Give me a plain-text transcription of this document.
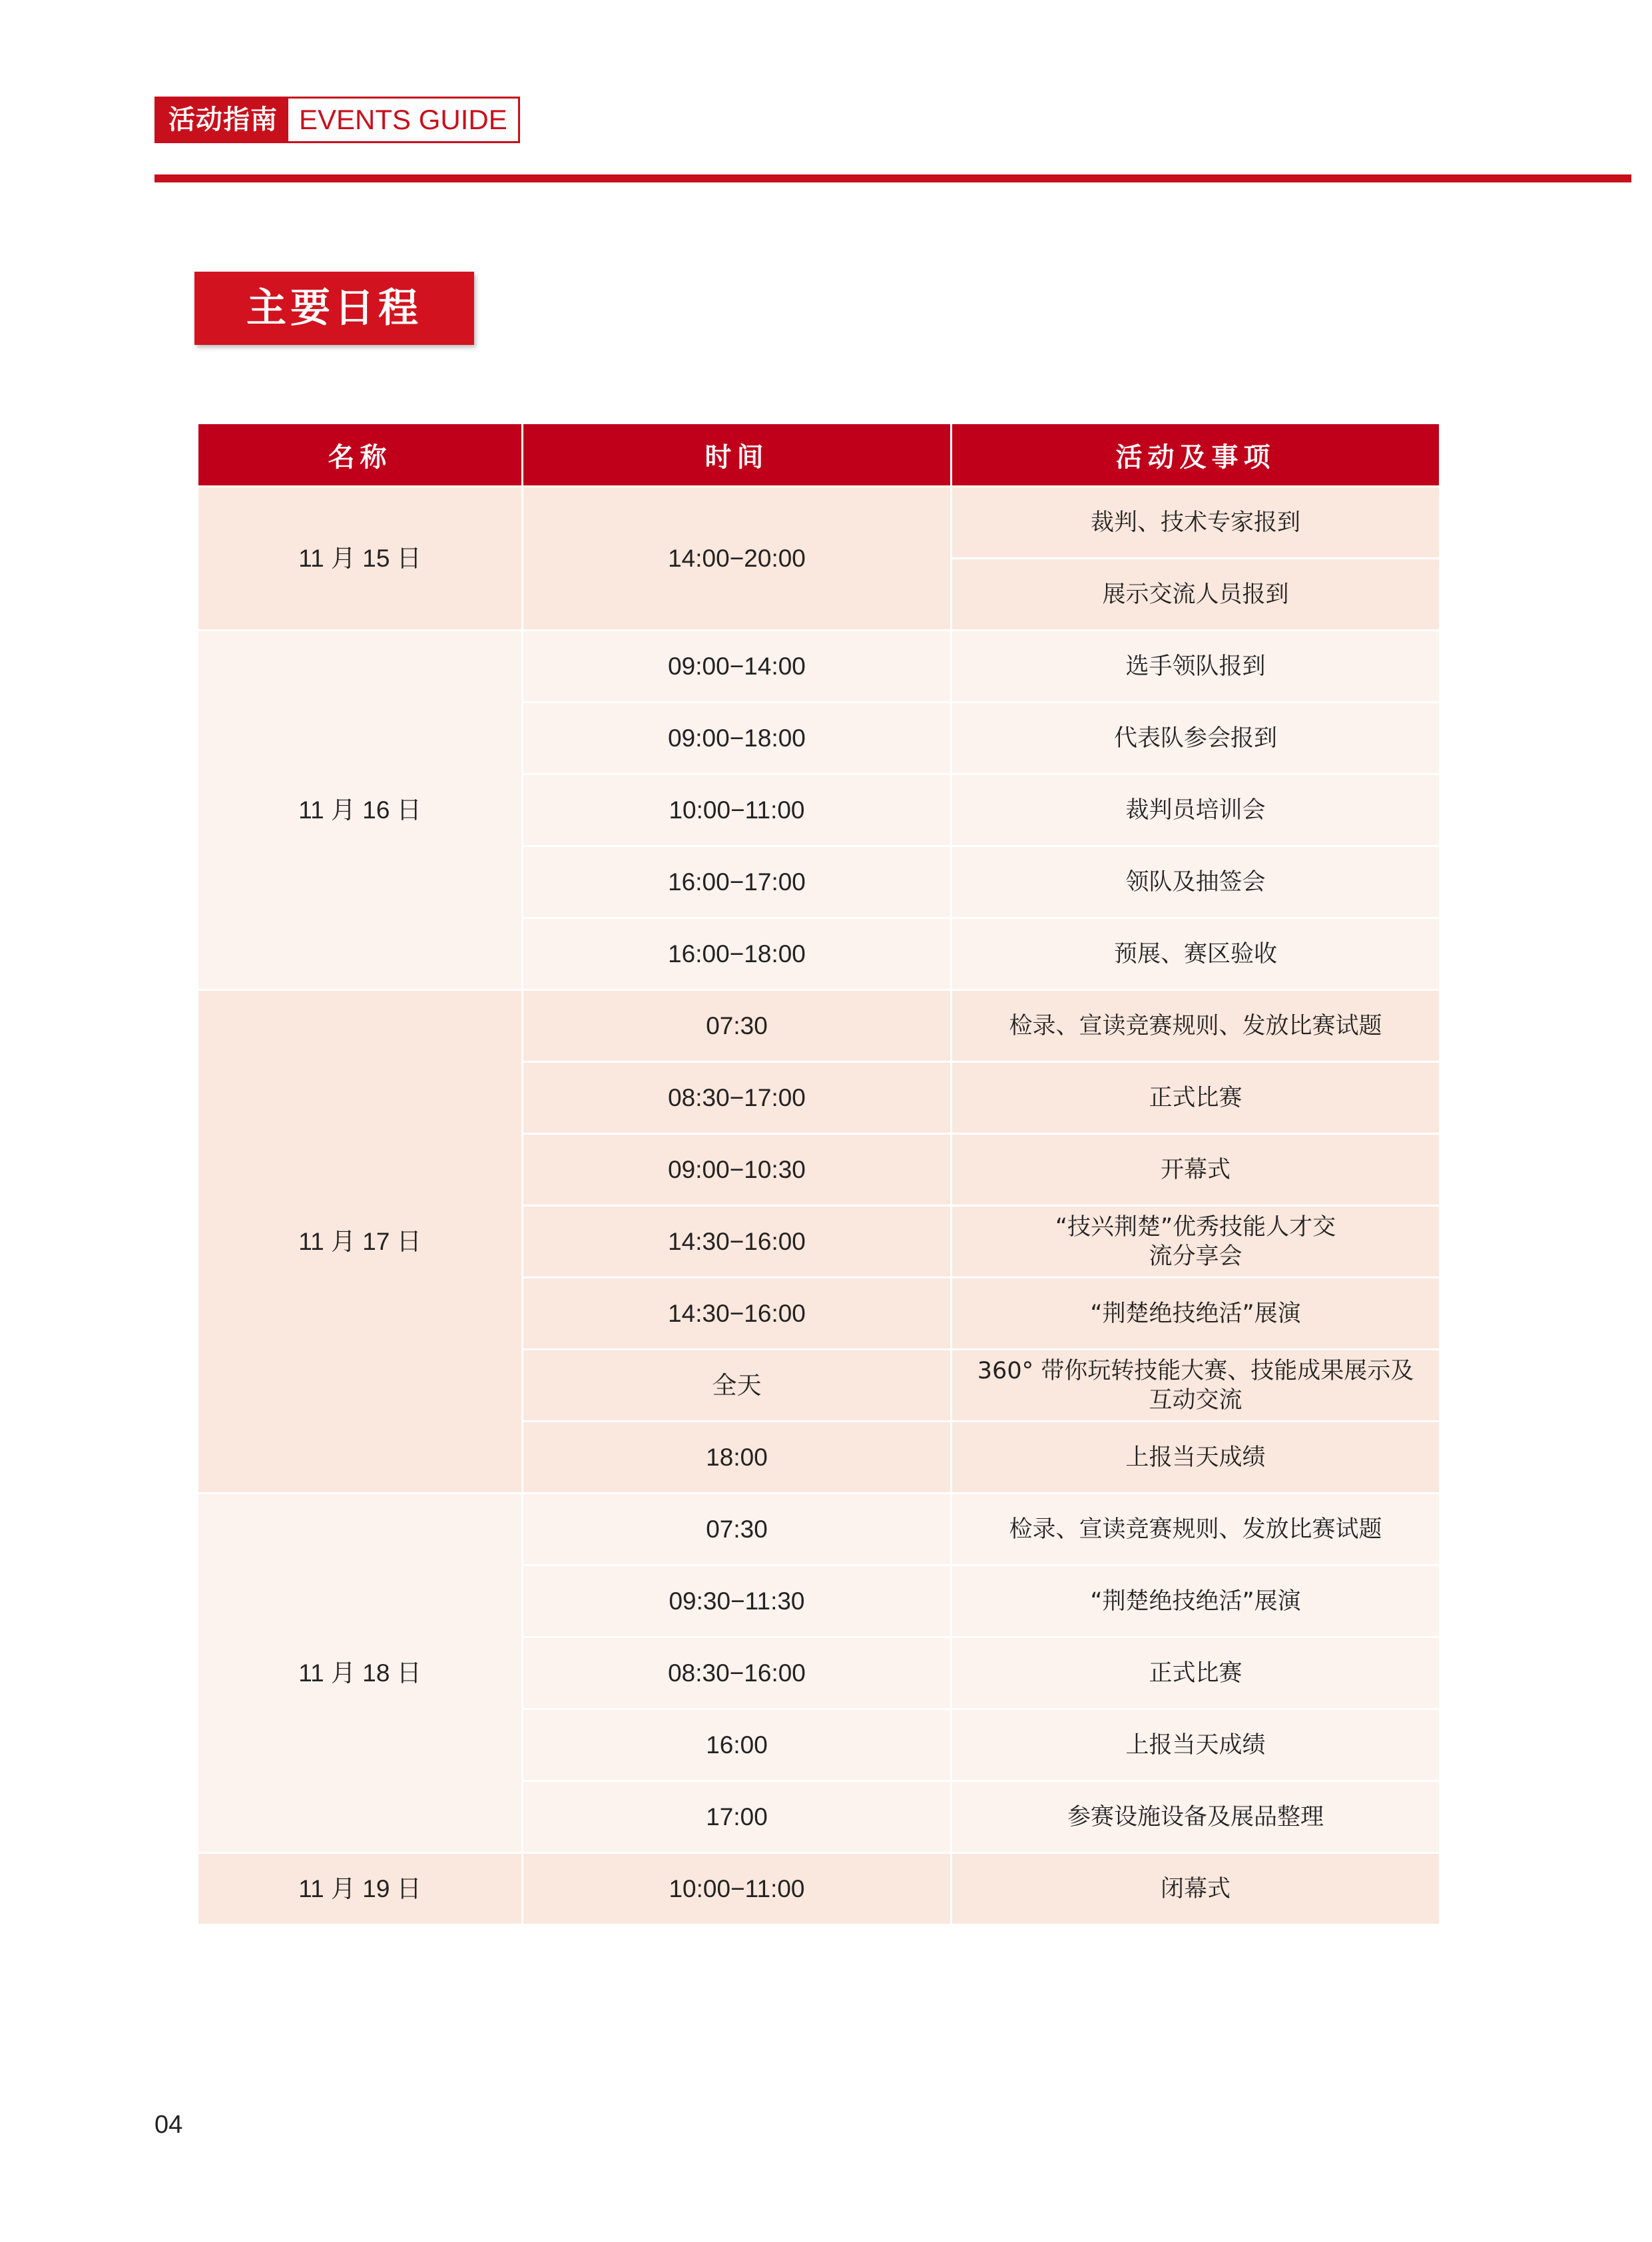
活动指南 EVENTS GUIDE
主要日程
名称	时间	活动及事项
11 月 15 日	14:00−20:00	裁判、技术专家报到
		展示交流人员报到
11 月 16 日	09:00−14:00	选手领队报到
	09:00−18:00	代表队参会报到
	10:00−11:00	裁判员培训会
	16:00−17:00	领队及抽签会
	16:00−18:00	预展、赛区验收
11 月 17 日	07:30	检录、宣读竞赛规则、发放比赛试题
	08:30−17:00	正式比赛
	09:00−10:30	开幕式
	14:30−16:00	“技兴荆楚”优秀技能人才交流分享会
	14:30−16:00	“荆楚绝技绝活”展演
	全天	360° 带你玩转技能大赛、技能成果展示及互动交流
	18:00	上报当天成绩
11 月 18 日	07:30	检录、宣读竞赛规则、发放比赛试题
	09:30−11:30	“荆楚绝技绝活”展演
	08:30−16:00	正式比赛
	16:00	上报当天成绩
	17:00	参赛设施设备及展品整理
11 月 19 日	10:00−11:00	闭幕式
04
